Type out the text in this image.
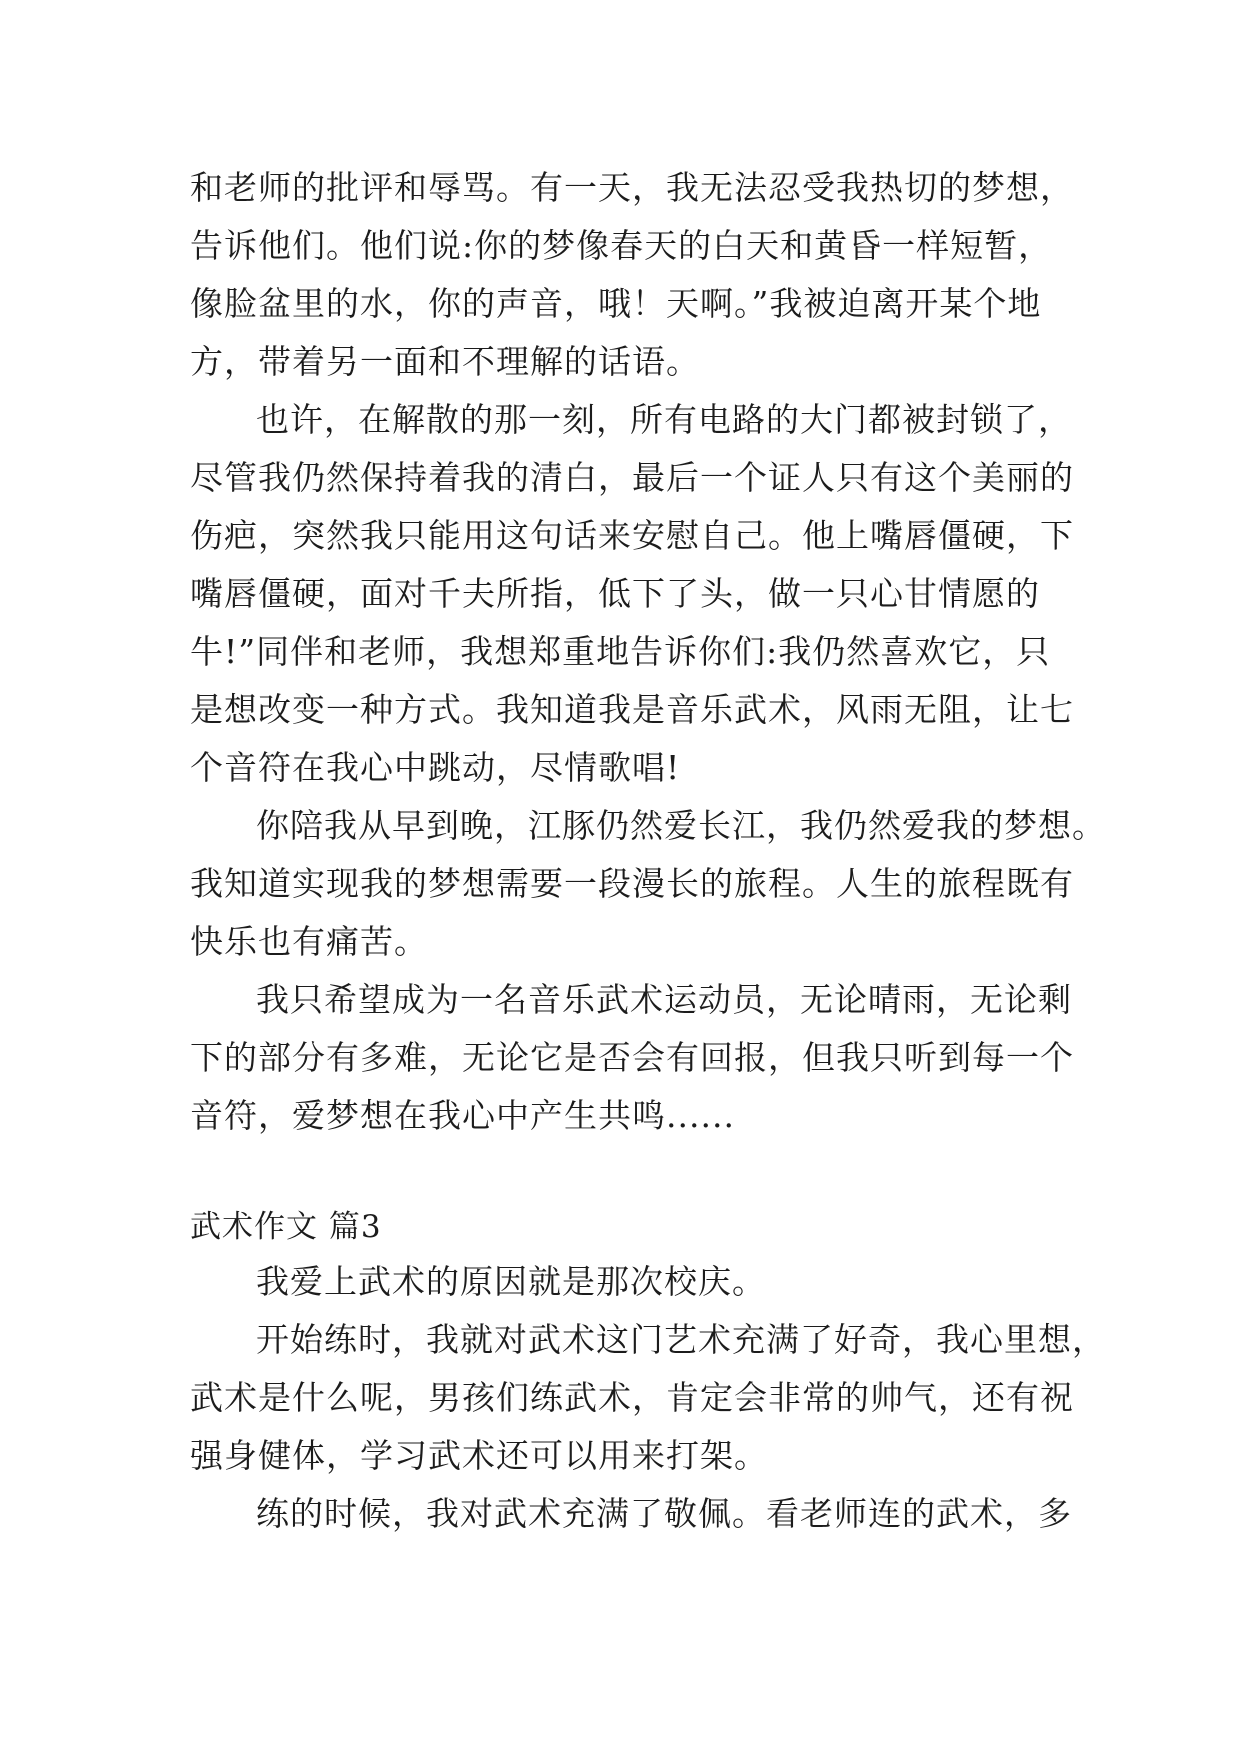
和老师的批评和辱骂。有一天，我无法忍受我热切的梦想，
告诉他们。他们说:你的梦像春天的白天和黄昏一样短暂，
像脸盆里的水，你的声音，哦！天啊。”我被迫离开某个地
方，带着另一面和不理解的话语。
也许，在解散的那一刻，所有电路的大门都被封锁了，
尽管我仍然保持着我的清白，最后一个证人只有这个美丽的
伤疤，突然我只能用这句话来安慰自己。他上嘴唇僵硬，下
嘴唇僵硬，面对千夫所指，低下了头，做一只心甘情愿的
牛!”同伴和老师，我想郑重地告诉你们:我仍然喜欢它，只
是想改变一种方式。我知道我是音乐武术，风雨无阻，让七
个音符在我心中跳动，尽情歌唱!
你陪我从早到晚，江豚仍然爱长江，我仍然爱我的梦想。
我知道实现我的梦想需要一段漫长的旅程。人生的旅程既有
快乐也有痛苦。
我只希望成为一名音乐武术运动员，无论晴雨，无论剩
下的部分有多难，无论它是否会有回报，但我只听到每一个
音符，爱梦想在我心中产生共鸣......
武术作文 篇3
我爱上武术的原因就是那次校庆。
开始练时，我就对武术这门艺术充满了好奇，我心里想，
武术是什么呢，男孩们练武术，肯定会非常的帅气，还有祝
强身健体，学习武术还可以用来打架。
练的时候，我对武术充满了敬佩。看老师连的武术，多
